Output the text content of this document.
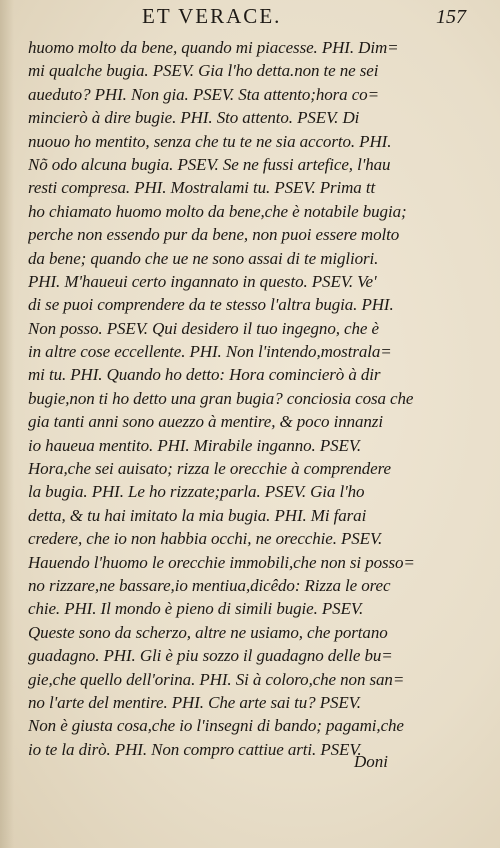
ET VERACE.	157
huomo molto da bene, quando mi piacesse. PHI. Dim=
mi qualche bugia. PSEV. Gia l'ho detta.non te ne sei
aueduto? PHI. Non gia. PSEV. Sta attento;hora co=
mincierò à dire bugie. PHI. Sto attento. PSEV. Di
nuouo ho mentito, senza che tu te ne sia accorto. PHI.
Nõ odo alcuna bugia. PSEV. Se ne fussi artefice, l'hau
resti compresa. PHI. Mostralami tu. PSEV. Prima tt
ho chiamato huomo molto da bene,che è notabile bugia;
perche non essendo pur da bene, non puoi essere molto
da bene; quando che ue ne sono assai di te migliori.
PHI. M'haueui certo ingannato in questo. PSEV. Ve'
di se puoi comprendere da te stesso l'altra bugia. PHI.
Non posso. PSEV. Qui desidero il tuo ingegno, che è
in altre cose eccellente. PHI. Non l'intendo,mostrala=
mi tu. PHI. Quando ho detto: Hora comincierò à dir
bugie,non ti ho detto una gran bugia? conciosia cosa che
gia tanti anni sono auezzo à mentire, & poco innanzi
io haueua mentito. PHI. Mirabile inganno. PSEV.
Hora,che sei auisato; rizza le orecchie à comprendere
la bugia. PHI. Le ho rizzate;parla. PSEV. Gia l'ho
detta, & tu hai imitato la mia bugia. PHI. Mi farai
credere, che io non habbia occhi, ne orecchie. PSEV.
Hauendo l'huomo le orecchie immobili,che non si posso=
no rizzare,ne bassare,io mentiua,dicêdo: Rizza le orec
chie. PHI. Il mondo è pieno di simili bugie. PSEV.
Queste sono da scherzo, altre ne usiamo, che portano
guadagno. PHI. Gli è piu sozzo il guadagno delle bu=
gie,che quello dell'orina. PHI. Si à coloro,che non san=
no l'arte del mentire. PHI. Che arte sai tu? PSEV.
Non è giusta cosa,che io l'insegni di bando; pagami,che
io te la dirò. PHI. Non compro cattiue arti. PSEV.
Doni
